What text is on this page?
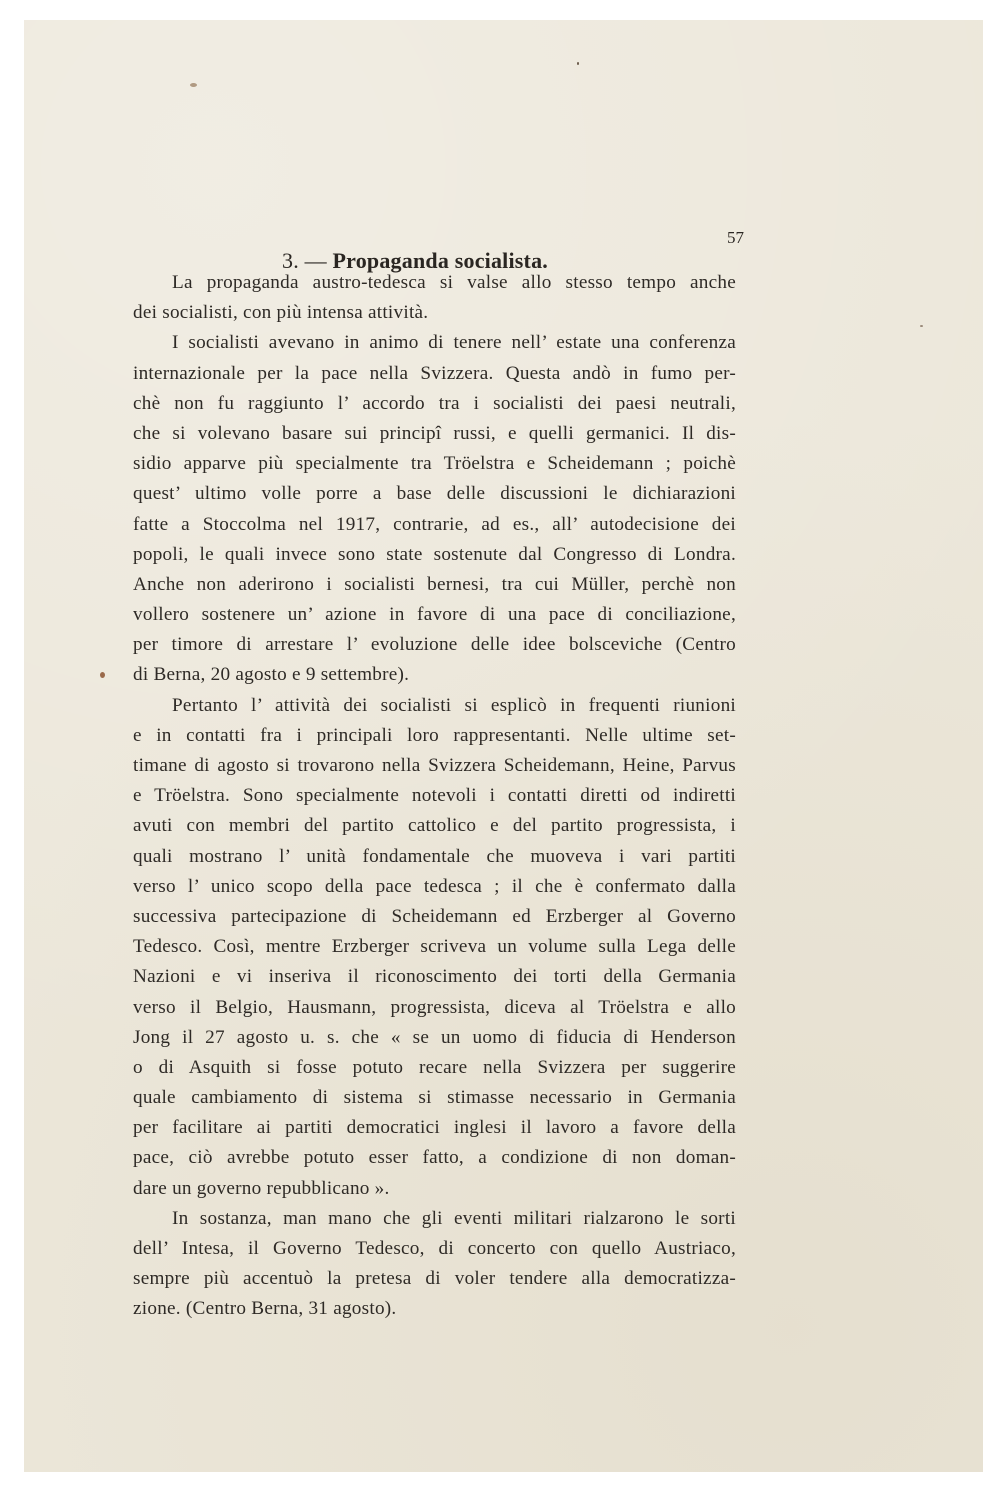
57
3. — Propaganda socialista.
La propaganda austro-tedesca si valse allo stesso tempo anche
dei socialisti, con più intensa attività.
I socialisti avevano in animo di tenere nell’ estate una conferenza
internazionale per la pace nella Svizzera. Questa andò in fumo per-
chè non fu raggiunto l’ accordo tra i socialisti dei paesi neutrali,
che si volevano basare sui principî russi, e quelli germanici. Il dis-
sidio apparve più specialmente tra Tröelstra e Scheidemann ; poichè
quest’ ultimo volle porre a base delle discussioni le dichiarazioni
fatte a Stoccolma nel 1917, contrarie, ad es., all’ autodecisione dei
popoli, le quali invece sono state sostenute dal Congresso di Londra.
Anche non aderirono i socialisti bernesi, tra cui Müller, perchè non
vollero sostenere un’ azione in favore di una pace di conciliazione,
per timore di arrestare l’ evoluzione delle idee bolsceviche (Centro
di Berna, 20 agosto e 9 settembre).
Pertanto l’ attività dei socialisti si esplicò in frequenti riunioni
e in contatti fra i principali loro rappresentanti. Nelle ultime set-
timane di agosto si trovarono nella Svizzera Scheidemann, Heine, Parvus
e Tröelstra. Sono specialmente notevoli i contatti diretti od indiretti
avuti con membri del partito cattolico e del partito progressista, i
quali mostrano l’ unità fondamentale che muoveva i vari partiti
verso l’ unico scopo della pace tedesca ; il che è confermato dalla
successiva partecipazione di Scheidemann ed Erzberger al Governo
Tedesco. Così, mentre Erzberger scriveva un volume sulla Lega delle
Nazioni e vi inseriva il riconoscimento dei torti della Germania
verso il Belgio, Hausmann, progressista, diceva al Tröelstra e allo
Jong il 27 agosto u. s. che « se un uomo di fiducia di Henderson
o di Asquith si fosse potuto recare nella Svizzera per suggerire
quale cambiamento di sistema si stimasse necessario in Germania
per facilitare ai partiti democratici inglesi il lavoro a favore della
pace, ciò avrebbe potuto esser fatto, a condizione di non doman-
dare un governo repubblicano ».
In sostanza, man mano che gli eventi militari rialzarono le sorti
dell’ Intesa, il Governo Tedesco, di concerto con quello Austriaco,
sempre più accentuò la pretesa di voler tendere alla democratizza-
zione. (Centro Berna, 31 agosto).
